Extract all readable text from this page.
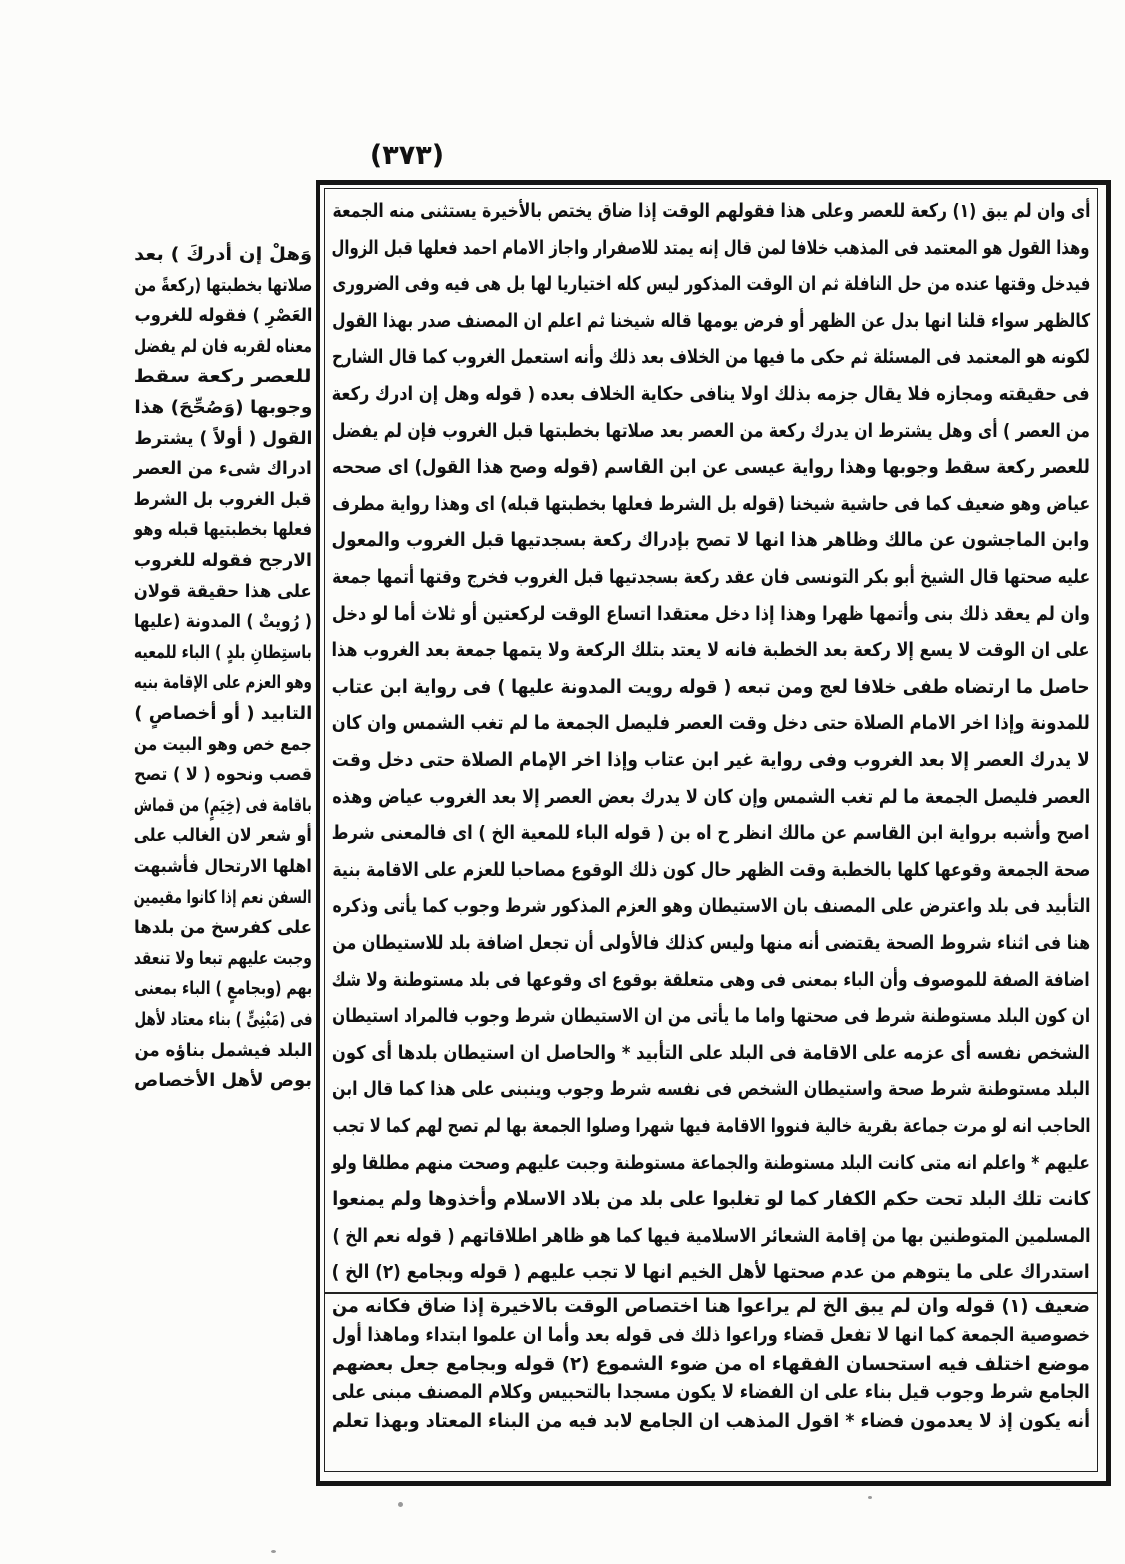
(٣٧٣)
أى وان لم يبق (١) ركعة للعصر وعلى هذا فقولهم الوقت إذا ضاق يختص بالأخيرة يستثنى منه الجمعة
وهذا القول هو المعتمد فى المذهب خلافا لمن قال إنه يمتد للاصفرار واجاز الامام احمد فعلها قبل الزوال
فيدخل وقتها عنده من حل النافلة ثم ان الوقت المذكور ليس كله اختياريا لها بل هى فيه وفى الضرورى
كالظهر سواء قلنا انها بدل عن الظهر أو فرض يومها قاله شيخنا ثم اعلم ان المصنف صدر بهذا القول
لكونه هو المعتمد فى المسئلة ثم حكى ما فيها من الخلاف بعد ذلك وأنه استعمل الغروب كما قال الشارح
فى حقيقته ومجازه فلا يقال جزمه بذلك اولا ينافى حكاية الخلاف بعده ( قوله وهل إن ادرك ركعة
من العصر ) أى وهل يشترط ان يدرك ركعة من العصر بعد صلاتها بخطبتها قبل الغروب فإن لم يفضل
للعصر ركعة سقط وجوبها وهذا رواية عيسى عن ابن القاسم (قوله وصح هذا القول) اى صححه
عياض وهو ضعيف كما فى حاشية شيخنا (قوله بل الشرط فعلها بخطبتها قبله) اى وهذا رواية مطرف
وابن الماجشون عن مالك وظاهر هذا انها لا تصح بإدراك ركعة بسجدتيها قبل الغروب والمعول
عليه صحتها قال الشيخ أبو بكر التونسى فان عقد ركعة بسجدتيها قبل الغروب فخرج وقتها أتمها جمعة
وان لم يعقد ذلك بنى وأتمها ظهرا وهذا إذا دخل معتقدا اتساع الوقت لركعتين أو ثلاث أما لو دخل
على ان الوقت لا يسع إلا ركعة بعد الخطبة فانه لا يعتد بتلك الركعة ولا يتمها جمعة بعد الغروب هذا
حاصل ما ارتضاه طفى خلافا لعج ومن تبعه ( قوله رويت المدونة عليها ) فى رواية ابن عتاب
للمدونة وإذا اخر الامام الصلاة حتى دخل وقت العصر فليصل الجمعة ما لم تغب الشمس وان كان
لا يدرك العصر إلا بعد الغروب وفى رواية غير ابن عتاب وإذا اخر الإمام الصلاة حتى دخل وقت
العصر فليصل الجمعة ما لم تغب الشمس وإن كان لا يدرك بعض العصر إلا بعد الغروب عياض وهذه
اصح وأشبه برواية ابن القاسم عن مالك انظر ح اه بن ( قوله الباء للمعية الخ ) اى فالمعنى شرط
صحة الجمعة وقوعها كلها بالخطبة وقت الظهر حال كون ذلك الوقوع مصاحبا للعزم على الاقامة بنية
التأبيد فى بلد واعترض على المصنف بان الاستيطان وهو العزم المذكور شرط وجوب كما يأتى وذكره
هنا فى اثناء شروط الصحة يقتضى أنه منها وليس كذلك فالأولى أن تجعل اضافة بلد للاستيطان من
اضافة الصفة للموصوف وأن الباء بمعنى فى وهى متعلقة بوقوع اى وقوعها فى بلد مستوطنة ولا شك
ان كون البلد مستوطنة شرط فى صحتها واما ما يأتى من ان الاستيطان شرط وجوب فالمراد استيطان
الشخص نفسه أى عزمه على الاقامة فى البلد على التأبيد * والحاصل ان استيطان بلدها أى كون
البلد مستوطنة شرط صحة واستيطان الشخص فى نفسه شرط وجوب وينبنى على هذا كما قال ابن
الحاجب انه لو مرت جماعة بقرية خالية فنووا الاقامة فيها شهرا وصلوا الجمعة بها لم تصح لهم كما لا تجب
عليهم * واعلم انه متى كانت البلد مستوطنة والجماعة مستوطنة وجبت عليهم وصحت منهم مطلقا ولو
كانت تلك البلد تحت حكم الكفار كما لو تغلبوا على بلد من بلاد الاسلام وأخذوها ولم يمنعوا
المسلمين المتوطنين بها من إقامة الشعائر الاسلامية فيها كما هو ظاهر اطلاقاتهم ( قوله نعم الخ )
استدراك على ما يتوهم من عدم صحتها لأهل الخيم انها لا تجب عليهم ( قوله وبجامع (٢) الخ )
ضعيف (١) قوله وان لم يبق الخ لم يراعوا هنا اختصاص الوقت بالاخيرة إذا ضاق فكانه من
خصوصية الجمعة كما انها لا تفعل قضاء وراعوا ذلك فى قوله بعد وأما ان علموا ابتداء وماهذا أول
موضع اختلف فيه استحسان الفقهاء اه من ضوء الشموع (٢) قوله وبجامع جعل بعضهم
الجامع شرط وجوب قيل بناء على ان الفضاء لا يكون مسجدا بالتحبيس وكلام المصنف مبنى على
أنه يكون إذ لا يعدمون فضاء * اقول المذهب ان الجامع لابد فيه من البناء المعتاد وبهذا تعلم
وَهلْ إن أدركَ ) بعد
صلاتها بخطبتها (ركعةً من
العَصْرِ ) فقوله للغروب
معناه لقربه فان لم يفضل
للعصر ركعة سقط
وجوبها (وَصُحِّحَ) هذا
القول ( أولاً ) يشترط
ادراك شىء من العصر
قبل الغروب بل الشرط
فعلها بخطبتيها قبله وهو
الارجح فقوله للغروب
على هذا حقيقة قولان
( رُويتْ ) المدونة (عليها
باستِطانِ بلدٍ ) الباء للمعيه
وهو العزم على الإقامة بنيه
التابيد ( أو أخصاصٍ )
جمع خص وهو البيت من
قصب ونحوه ( لا ) تصح
باقامة فى (خِيَمٍ) من قماش
أو شعر لان الغالب على
اهلها الارتحال فأشبهت
السفن نعم إذا كانوا مقيمين
على كفرسخ من بلدها
وجبت عليهم تبعا ولا تنعقد
بهم (وبجامعٍ ) الباء بمعنى
فى (مَبْنِىٍّ ) بناء معتاد لأهل
البلد فيشمل بناؤه من
بوص لأهل الأخصاص
